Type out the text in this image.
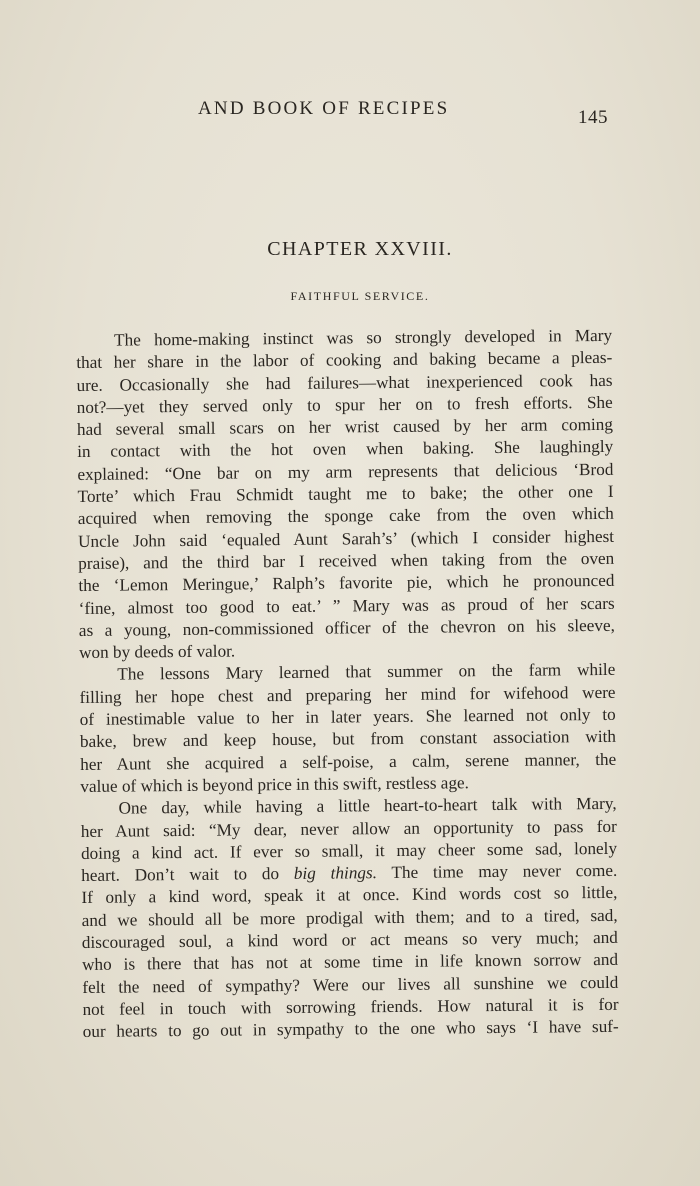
AND BOOK OF RECIPES	145
CHAPTER XXVIII.
FAITHFUL SERVICE.
The home-making instinct was so strongly developed in Mary
that her share in the labor of cooking and baking became a pleas-
ure. Occasionally she had failures—what inexperienced cook has
not?—yet they served only to spur her on to fresh efforts. She
had several small scars on her wrist caused by her arm coming
in contact with the hot oven when baking. She laughingly
explained: “One bar on my arm represents that delicious ‘Brod
Torte’ which Frau Schmidt taught me to bake; the other one I
acquired when removing the sponge cake from the oven which
Uncle John said ‘equaled Aunt Sarah’s’ (which I consider highest
praise), and the third bar I received when taking from the oven
the ‘Lemon Meringue,’ Ralph’s favorite pie, which he pronounced
‘fine, almost too good to eat.’ ” Mary was as proud of her scars
as a young, non-commissioned officer of the chevron on his sleeve,
won by deeds of valor.
The lessons Mary learned that summer on the farm while
filling her hope chest and preparing her mind for wifehood were
of inestimable value to her in later years. She learned not only to
bake, brew and keep house, but from constant association with
her Aunt she acquired a self-poise, a calm, serene manner, the
value of which is beyond price in this swift, restless age.
One day, while having a little heart-to-heart talk with Mary,
her Aunt said: “My dear, never allow an opportunity to pass for
doing a kind act. If ever so small, it may cheer some sad, lonely
heart. Don’t wait to do big things. The time may never come.
If only a kind word, speak it at once. Kind words cost so little,
and we should all be more prodigal with them; and to a tired, sad,
discouraged soul, a kind word or act means so very much; and
who is there that has not at some time in life known sorrow and
felt the need of sympathy? Were our lives all sunshine we could
not feel in touch with sorrowing friends. How natural it is for
our hearts to go out in sympathy to the one who says ‘I have suf-
